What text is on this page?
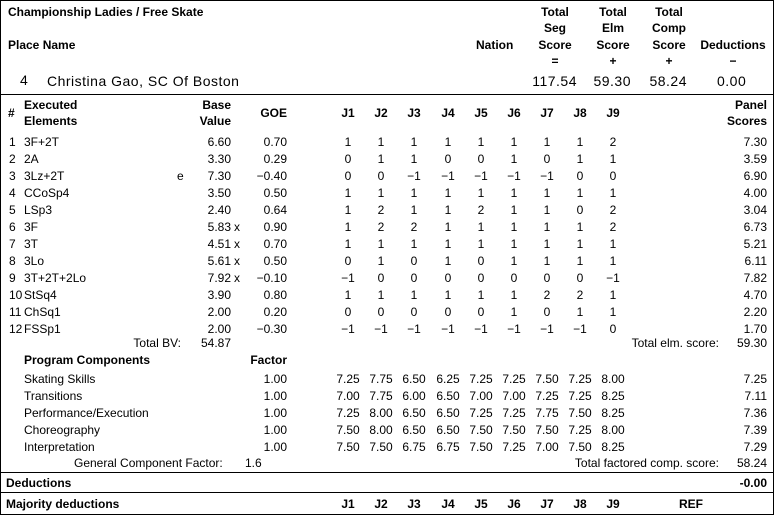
Championship Ladies / Free Skate
Place Name	Nation
Total
Seg
Score
=
Total
Elm
Score
+
Total
Comp
Score
+
Deductions
−
4 Christina Gao, SC Of Boston	117.54	59.30	58.24 0.00
#
Executed
Elements
Base
Value
GOE	J1	J2	J3	J4	J5	J6	J7	J8	J9
Panel
Scores
1 3F+2T	6.60	0.70	1	1	1	1	1	1	1	1	2	7.30
2 2A	3.30	0.29	0	1	1	0	0	1	0	1	1	3.59
3 3Lz+2T	e	7.30	−0.40	0	0	−1	−1	−1	−1	−1	0	0	6.90
4 CCoSp4	3.50	0.50	1	1	1	1	1	1	1	1	1	4.00
5 LSp3	2.40	0.64	1	2	1	1	2	1	1	0	2	3.04
6 3F	5.83 x	0.90	1	2	2	1	1	1	1	1	2	6.73
7 3T	4.51 x	0.70	1	1	1	1	1	1	1	1	1	5.21
8 3Lo	5.61 x	0.50	0	1	0	1	0	1	1	1	1	6.11
9 3T+2T+2Lo	7.92 x	−0.10	−1	0	0	0	0	0	0	0	−1	7.82
10 StSq4	3.90	0.80	1	1	1	1	1	1	2	2	1	4.70
11 ChSq1	2.00	0.20	0	0	0	0	0	1	0	1	1	2.20
12 FSSp1	2.00	−0.30	−1	−1	−1	−1	−1	−1	−1	−1	0	1.70
Total BV:	54.87	Total elm. score:	59.30
Program Components	Factor
Skating Skills	1.00	7.25 7.75 6.50 6.25 7.25 7.25 7.50 7.25 8.00	7.25
Transitions	1.00	7.00 7.75 6.00 6.50 7.00 7.00 7.25 7.25 8.25	7.11
Performance/Execution	1.00	7.25 8.00 6.50 6.50 7.25 7.25 7.75 7.50 8.25	7.36
Choreography	1.00	7.50 8.00 6.50 6.50 7.50 7.50 7.50 7.25 8.00	7.39
Interpretation	1.00	7.50 7.50 6.75 6.75 7.50 7.25 7.00 7.50 8.25	7.29
General Component Factor: 1.6	Total factored comp. score:	58.24
Deductions	-0.00
Majority deductions	J1	J2	J3	J4	J5	J6	J7	J8	J9	REF
